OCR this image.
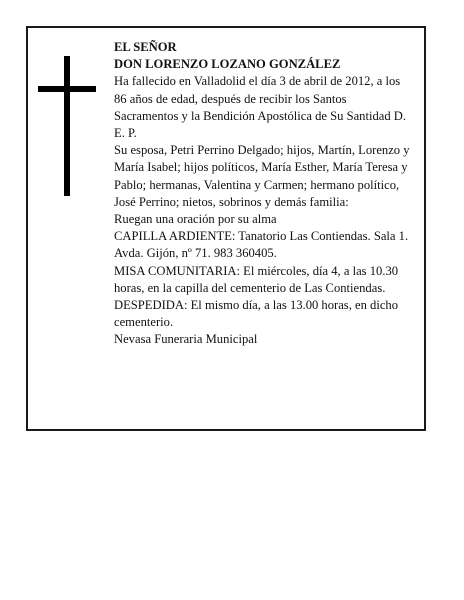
EL SEÑOR

DON LORENZO LOZANO GONZÁLEZ

Ha fallecido en Valladolid el día 3 de abril de 2012, a los 86 años de edad, después de recibir los Santos Sacramentos y la Bendición Apostólica de Su Santidad D. E. P.

Su esposa, Petri Perrino Delgado; hijos, Martín, Lorenzo y María Isabel; hijos políticos, María Esther, María Teresa y Pablo; hermanas, Valentina y Carmen; hermano político, José Perrino; nietos, sobrinos y demás familia:

Ruegan una oración por su alma

CAPILLA ARDIENTE: Tanatorio Las Contiendas. Sala 1. Avda. Gijón, nº 71. 983 360405.

MISA COMUNITARIA: El miércoles, día 4, a las 10.30 horas, en la capilla del cementerio de Las Contiendas.

DESPEDIDA: El mismo día, a las 13.00 horas, en dicho cementerio.

Nevasa Funeraria Municipal
